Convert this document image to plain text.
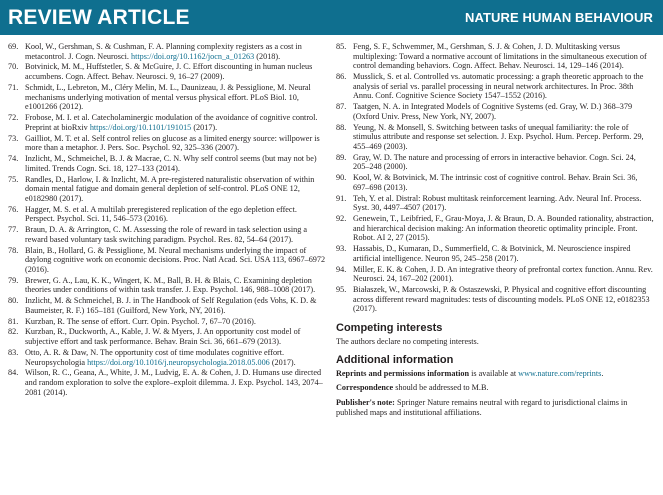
REVIEW ARTICLE	NATURE HUMAN BEHAVIOUR
69. Kool, W., Gershman, S. & Cushman, F. A. Planning complexity registers as a cost in metacontrol. J. Cogn. Neurosci. https://doi.org/10.1162/jocn_a_01263 (2018).
70. Botvinick, M. M., Huffstetler, S. & McGuire, J. C. Effort discounting in human nucleus accumbens. Cogn. Affect. Behav. Neurosci. 9, 16–27 (2009).
71. Schmidt, L., Lebreton, M., Cléry Melin, M. L., Daunizeau, J. & Pessiglione, M. Neural mechanisms underlying motivation of mental versus physical effort. PLoS Biol. 10, e1001266 (2012).
72. Frobose, M. I. et al. Catecholaminergic modulation of the avoidance of cognitive control. Preprint at bioRxiv https://doi.org/10.1101/191015 (2017).
73. Gailliot, M. T. et al. Self control relies on glucose as a limited energy source: willpower is more than a metaphor. J. Pers. Soc. Psychol. 92, 325–336 (2007).
74. Inzlicht, M., Schmeichel, B. J. & Macrae, C. N. Why self control seems (but may not be) limited. Trends Cogn. Sci. 18, 127–133 (2014).
75. Randles, D., Harlow, I. & Inzlicht, M. A pre-registered naturalistic observation of within domain mental fatigue and domain general depletion of self-control. PLoS ONE 12, e0182980 (2017).
76. Hagger, M. S. et al. A multilab preregistered replication of the ego depletion effect. Perspect. Psychol. Sci. 11, 546–573 (2016).
77. Braun, D. A. & Arrington, C. M. Assessing the role of reward in task selection using a reward based voluntary task switching paradigm. Psychol. Res. 82, 54–64 (2017).
78. Blain, B., Hollard, G. & Pessiglione, M. Neural mechanisms underlying the impact of daylong cognitive work on economic decisions. Proc. Natl Acad. Sci. USA 113, 6967–6972 (2016).
79. Brewer, G. A., Lau, K. K., Wingert, K. M., Ball, B. H. & Blais, C. Examining depletion theories under conditions of within task transfer. J. Exp. Psychol. 146, 988–1008 (2017).
80. Inzlicht, M. & Schmeichel, B. J. in The Handbook of Self Regulation (eds Vohs, K. D. & Baumeister, R. F.) 165–181 (Guilford, New York, NY, 2016).
81. Kurzban, R. The sense of effort. Curr. Opin. Psychol. 7, 67–70 (2016).
82. Kurzban, R., Duckworth, A., Kable, J. W. & Myers, J. An opportunity cost model of subjective effort and task performance. Behav. Brain Sci. 36, 661–679 (2013).
83. Otto, A. R. & Daw, N. The opportunity cost of time modulates cognitive effort. Neuropsychologia https://doi.org/10.1016/j.neuropsychologia.2018.05.006 (2017).
84. Wilson, R. C., Geana, A., White, J. M., Ludvig, E. A. & Cohen, J. D. Humans use directed and random exploration to solve the explore–exploit dilemma. J. Exp. Psychol. 143, 2074–2081 (2014).
85. Feng, S. F., Schwemmer, M., Gershman, S. J. & Cohen, J. D. Multitasking versus multiplexing: Toward a normative account of limitations in the simultaneous execution of control demanding behaviors. Cogn. Affect. Behav. Neurosci. 14, 129–146 (2014).
86. Musslick, S. et al. Controlled vs. automatic processing: a graph theoretic approach to the analysis of serial vs. parallel processing in neural network architectures. In Proc. 38th Annu. Conf. Cognitive Science Society 1547–1552 (2016).
87. Taatgen, N. A. in Integrated Models of Cognitive Systems (ed. Gray, W. D.) 368–379 (Oxford Univ. Press, New York, NY, 2007).
88. Yeung, N. & Monsell, S. Switching between tasks of unequal familiarity: the role of stimulus attribute and response set selection. J. Exp. Psychol. Hum. Percep. Perform. 29, 455–469 (2003).
89. Gray, W. D. The nature and processing of errors in interactive behavior. Cogn. Sci. 24, 205–248 (2000).
90. Kool, W. & Botvinick, M. The intrinsic cost of cognitive control. Behav. Brain Sci. 36, 697–698 (2013).
91. Teh, Y. et al. Distral: Robust multitask reinforcement learning. Adv. Neural Inf. Process. Syst. 30, 4497–4507 (2017).
92. Genewein, T., Leibfried, F., Grau-Moya, J. & Braun, D. A. Bounded rationality, abstraction, and hierarchical decision making: An information theoretic optimality principle. Front. Robot. AI 2, 27 (2015).
93. Hassabis, D., Kumaran, D., Summerfield, C. & Botvinick, M. Neuroscience inspired artificial intelligence. Neuron 95, 245–258 (2017).
94. Miller, E. K. & Cohen, J. D. An integrative theory of prefrontal cortex function. Annu. Rev. Neurosci. 24, 167–202 (2001).
95. Białaszek, W., Marcowski, P. & Ostaszewski, P. Physical and cognitive effort discounting across different reward magnitudes: tests of discounting models. PLoS ONE 12, e0182353 (2017).
Competing interests
The authors declare no competing interests.
Additional information
Reprints and permissions information is available at www.nature.com/reprints.
Correspondence should be addressed to M.B.
Publisher's note: Springer Nature remains neutral with regard to jurisdictional claims in published maps and institutional affiliations.
